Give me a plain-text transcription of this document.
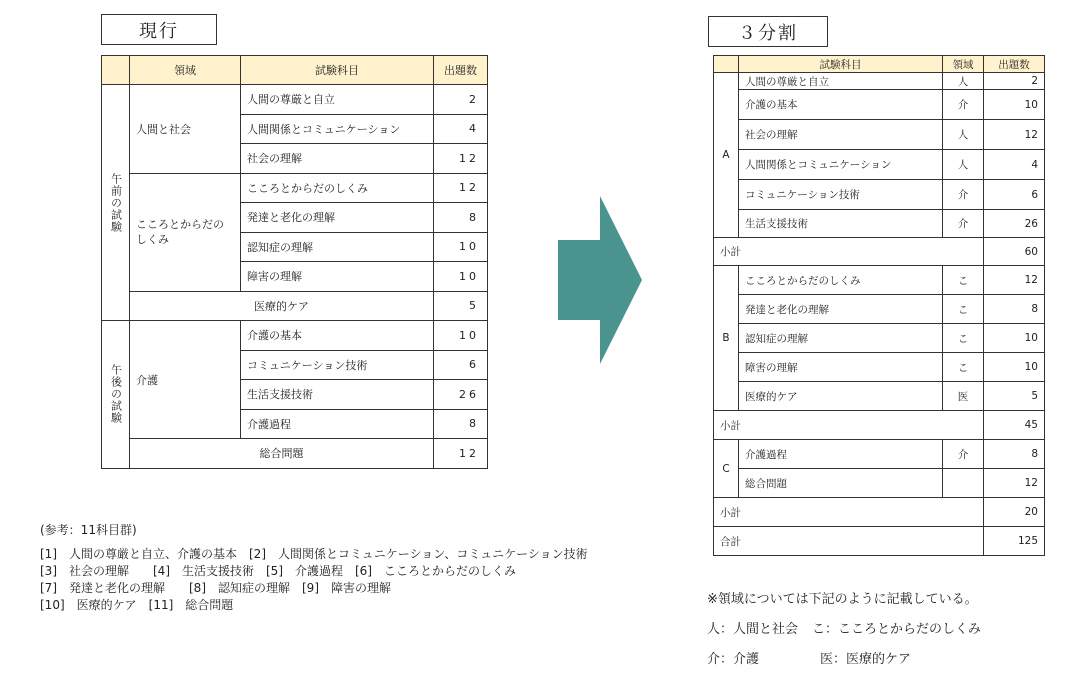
現行
	領域	試験科目	出題数
午前の試験	人間と社会	人間の尊厳と自立	2
		人間関係とコミュニケーション	4
		社会の理解	12
	こころとからだのしくみ	こころとからだのしくみ	12
		発達と老化の理解	8
		認知症の理解	10
		障害の理解	10
	医療的ケア		5
午後の試験	介護	介護の基本	10
		コミュニケーション技術	6
		生活支援技術	26
		介護過程	8
	総合問題		12

(参考：11科目群)

[1]　人間の尊厳と自立、介護の基本　[2]　人間関係とコミュニケーション、コミュニケーション技術

[3]　社会の理解　　[4]　生活支援技術　[5]　介護過程　[6]　こころとからだのしくみ

[7]　発達と老化の理解　　[8]　認知症の理解　[9]　障害の理解

[10]　医療的ケア　[11]　総合問題

３分割
	試験科目	領域	出題数
A	人間の尊厳と自立	人	2
	介護の基本	介	10
	社会の理解	人	12
	人間関係とコミュニケーション	人	4
	コミュニケーション技術	介	6
	生活支援技術	介	26
小計			60
B	こころとからだのしくみ	こ	12
	発達と老化の理解	こ	8
	認知症の理解	こ	10
	障害の理解	こ	10
	医療的ケア	医	5
小計			45
C	介護過程	介	8
	総合問題		12
小計			20
合計			125
※領域については下記のように記載している。
人：人間と社会 こ：こころとからだのしくみ
介：介護	医：医療的ケア
